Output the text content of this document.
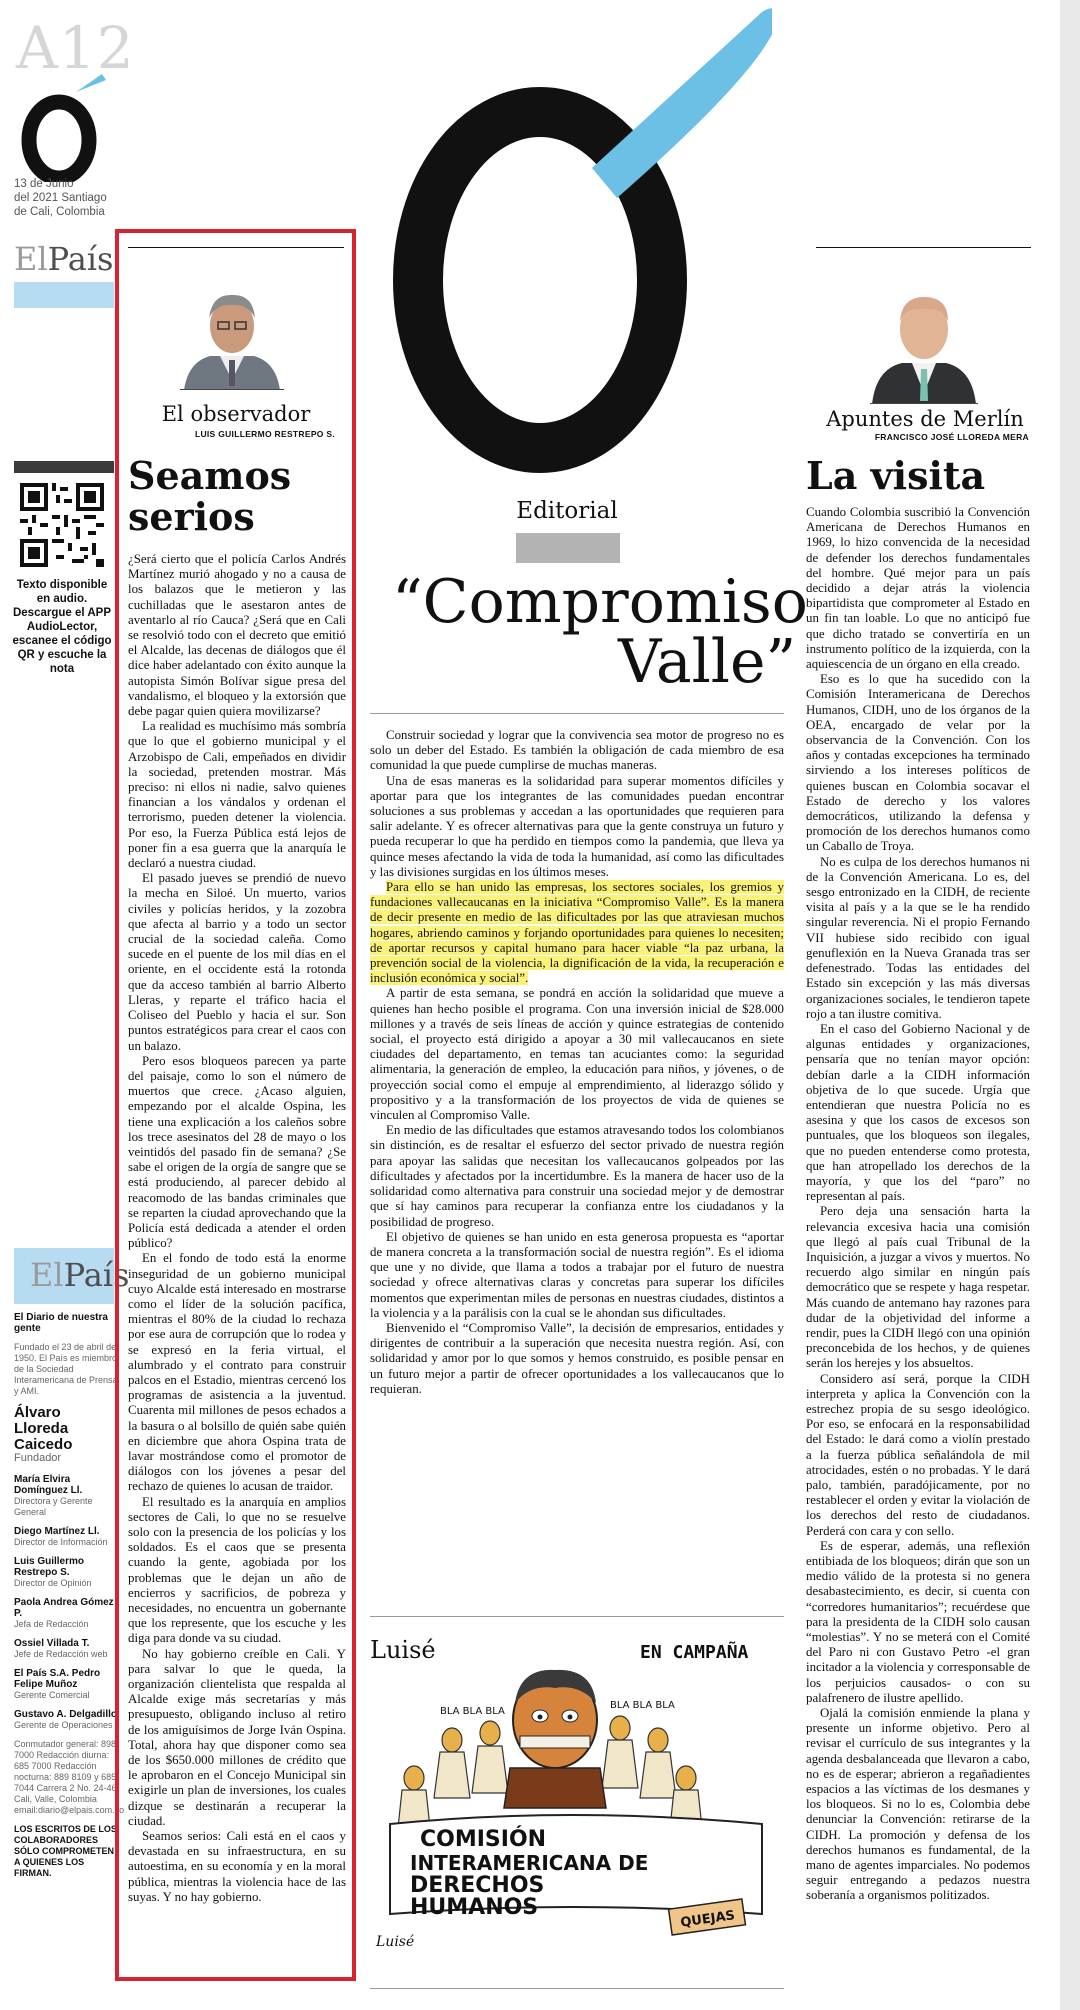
A12
13 de Junio
del 2021 Santiago
de Cali, Colombia
ElPaís
Texto disponible en audio. Descargue el APP AudioLector, escanee el código QR y escuche la nota
ElPaís
El Diario de nuestra gente
Fundado el 23 de abril de 1950. El País es miembro de la Sociedad Interamericana de Prensa y AMI.
Álvaro Lloreda Caicedo
Fundador
María Elvira Domínguez Ll.
Directora y Gerente General
Diego Martínez Ll.
Director de Información
Luis Guillermo Restrepo S.
Director de Opinión
Paola Andrea Gómez P.
Jefa de Redacción
Ossiel Villada T.
Jefe de Redacción web
El País S.A. Pedro Felipe Muñoz
Gerente Comercial
Gustavo A. Delgadillo
Gerente de Operaciones
Conmutador general: 898 7000 Redacción diurna: 685 7000 Redacción nocturna: 889 8109 y 685 7044 Carrera 2 No. 24-46 Cali, Valle, Colombia email:diario@elpais.com.co
LOS ESCRITOS DE LOS COLABORADORES SÓLO COMPROMETEN A QUIENES LOS FIRMAN.
El observador
LUIS GUILLERMO RESTREPO S.
Seamos serios

¿Será cierto que el policía Carlos Andrés Martínez murió ahogado y no a causa de los balazos que le metieron y las cuchilladas que le asestaron antes de aventarlo al río Cauca? ¿Será que en Cali se resolvió todo con el decreto que emitió el Alcalde, las decenas de diálogos que él dice haber adelantado con éxito aunque la autopista Simón Bolívar sigue presa del vandalismo, el bloqueo y la extorsión que debe pagar quien quiera movilizarse?

La realidad es muchísimo más sombría que lo que el gobierno municipal y el Arzobispo de Cali, empeñados en dividir la sociedad, pretenden mostrar. Más preciso: ni ellos ni nadie, salvo quienes financian a los vándalos y ordenan el terrorismo, pueden detener la violencia. Por eso, la Fuerza Pública está lejos de poner fin a esa guerra que la anarquía le declaró a nuestra ciudad.

El pasado jueves se prendió de nuevo la mecha en Siloé. Un muerto, varios civiles y policías heridos, y la zozobra que afecta al barrio y a todo un sector crucial de la sociedad caleña. Como sucede en el puente de los mil días en el oriente, en el occidente está la rotonda que da acceso también al barrio Alberto Lleras, y reparte el tráfico hacia el Coliseo del Pueblo y hacia el sur. Son puntos estratégicos para crear el caos con un balazo.

Pero esos bloqueos parecen ya parte del paisaje, como lo son el número de muertos que crece. ¿Acaso alguien, empezando por el alcalde Ospina, les tiene una explicación a los caleños sobre los trece asesinatos del 28 de mayo o los veintidós del pasado fin de semana? ¿Se sabe el origen de la orgía de sangre que se está produciendo, al parecer debido al reacomodo de las bandas criminales que se reparten la ciudad aprovechando que la Policía está dedicada a atender el orden público?

En el fondo de todo está la enorme inseguridad de un gobierno municipal cuyo Alcalde está interesado en mostrarse como el líder de la solución pacífica, mientras el 80% de la ciudad lo rechaza por ese aura de corrupción que lo rodea y se expresó en la feria virtual, el alumbrado y el contrato para construir palcos en el Estadio, mientras cercenó los programas de asistencia a la juventud. Cuarenta mil millones de pesos echados a la basura o al bolsillo de quién sabe quién en diciembre que ahora Ospina trata de lavar mostrándose como el promotor de diálogos con los jóvenes a pesar del rechazo de quienes lo acusan de traidor.

El resultado es la anarquía en amplios sectores de Cali, lo que no se resuelve solo con la presencia de los policías y los soldados. Es el caos que se presenta cuando la gente, agobiada por los problemas que le dejan un año de encierros y sacrificios, de pobreza y necesidades, no encuentra un gobernante que los represente, que los escuche y les diga para donde va su ciudad.

No hay gobierno creíble en Cali. Y para salvar lo que le queda, la organización clientelista que respalda al Alcalde exige más secretarías y más presupuesto, obligando incluso al retiro de los amiguísimos de Jorge Iván Ospina. Total, ahora hay que disponer como sea de los $650.000 millones de crédito que le aprobaron en el Concejo Municipal sin exigirle un plan de inversiones, los cuales dizque se destinarán a recuperar la ciudad.

Seamos serios: Cali está en el caos y devastada en su infraestructura, en su autoestima, en su economía y en la moral pública, mientras la violencia hace de las suyas. Y no hay gobierno.

Editorial
“Compromiso
Valle”

Construir sociedad y lograr que la convivencia sea motor de progreso no es solo un deber del Estado. Es también la obligación de cada miembro de esa comunidad la que puede cumplirse de muchas maneras.

Una de esas maneras es la solidaridad para superar momentos difíciles y aportar para que los integrantes de las comunidades puedan encontrar soluciones a sus problemas y accedan a las oportunidades que requieren para salir adelante. Y es ofrecer alternativas para que la gente construya un futuro y pueda recuperar lo que ha perdido en tiempos como la pandemia, que lleva ya quince meses afectando la vida de toda la humanidad, así como las dificultades y las divisiones surgidas en los últimos meses.

Para ello se han unido las empresas, los sectores sociales, los gremios y fundaciones vallecaucanas en la iniciativa “Compromiso Valle”. Es la manera de decir presente en medio de las dificultades por las que atraviesan muchos hogares, abriendo caminos y forjando oportunidades para quienes lo necesiten; de aportar recursos y capital humano para hacer viable “la paz urbana, la prevención social de la violencia, la dignificación de la vida, la recuperación e inclusión económica y social”.

A partir de esta semana, se pondrá en acción la solidaridad que mueve a quienes han hecho posible el programa. Con una inversión inicial de $28.000 millones y a través de seis líneas de acción y quince estrategias de contenido social, el proyecto está dirigido a apoyar a 30 mil vallecaucanos en siete ciudades del departamento, en temas tan acuciantes como: la seguridad alimentaria, la generación de empleo, la educación para niños, y jóvenes, o de proyección social como el empuje al emprendimiento, al liderazgo sólido y propositivo y a la transformación de los proyectos de vida de quienes se vinculen al Compromiso Valle.

En medio de las dificultades que estamos atravesando todos los colombianos sin distinción, es de resaltar el esfuerzo del sector privado de nuestra región para apoyar las salidas que necesitan los vallecaucanos golpeados por las dificultades y afectados por la incertidumbre. Es la manera de hacer uso de la solidaridad como alternativa para construir una sociedad mejor y de demostrar que sí hay caminos para recuperar la confianza entre los ciudadanos y la posibilidad de progreso.

El objetivo de quienes se han unido en esta generosa propuesta es “aportar de manera concreta a la transformación social de nuestra región”. Es el idioma que une y no divide, que llama a todos a trabajar por el futuro de nuestra sociedad y ofrece alternativas claras y concretas para superar los difíciles momentos que experimentan miles de personas en nuestras ciudades, distintos a la violencia y a la parálisis con la cual se le ahondan sus dificultades.

Bienvenido el “Compromiso Valle”, la decisión de empresarios, entidades y dirigentes de contribuir a la superación que necesita nuestra región. Así, con solidaridad y amor por lo que somos y hemos construido, es posible pensar en un futuro mejor a partir de ofrecer oportunidades a los vallecaucanos que lo requieran.

Luisé	EN CAMPAÑA
BLA BLA BLA
BLA BLA BLA
COMISIÓN
INTERAMERICANA DE
DERECHOS
HUMANOS	QUEJAS
Luisé
Apuntes de Merlín
FRANCISCO JOSÉ LLOREDA MERA
La visita

Cuando Colombia suscribió la Convención Americana de Derechos Humanos en 1969, lo hizo convencida de la necesidad de defender los derechos fundamentales del hombre. Qué mejor para un país decidido a dejar atrás la violencia bipartidista que comprometer al Estado en un fin tan loable. Lo que no anticipó fue que dicho tratado se convertiría en un instrumento político de la izquierda, con la aquiescencia de un órgano en ella creado.

Eso es lo que ha sucedido con la Comisión Interamericana de Derechos Humanos, CIDH, uno de los órganos de la OEA, encargado de velar por la observancia de la Convención. Con los años y contadas excepciones ha terminado sirviendo a los intereses políticos de quienes buscan en Colombia socavar el Estado de derecho y los valores democráticos, utilizando la defensa y promoción de los derechos humanos como un Caballo de Troya.

No es culpa de los derechos humanos ni de la Convención Americana. Lo es, del sesgo entronizado en la CIDH, de reciente visita al país y a la que se le ha rendido singular reverencia. Ni el propio Fernando VII hubiese sido recibido con igual genuflexión en la Nueva Granada tras ser defenestrado. Todas las entidades del Estado sin excepción y las más diversas organizaciones sociales, le tendieron tapete rojo a tan ilustre comitiva.

En el caso del Gobierno Nacional y de algunas entidades y organizaciones, pensaría que no tenían mayor opción: debían darle a la CIDH información objetiva de lo que sucede. Urgía que entendieran que nuestra Policía no es asesina y que los casos de excesos son puntuales, que los bloqueos son ilegales, que no pueden entenderse como protesta, que han atropellado los derechos de la mayoría, y que los del “paro” no representan al país.

Pero deja una sensación harta la relevancia excesiva hacia una comisión que llegó al país cual Tribunal de la Inquisición, a juzgar a vivos y muertos. No recuerdo algo similar en ningún país democrático que se respete y haga respetar. Más cuando de antemano hay razones para dudar de la objetividad del informe a rendir, pues la CIDH llegó con una opinión preconcebida de los hechos, y de quienes serán los herejes y los absueltos.

Considero así será, porque la CIDH interpreta y aplica la Convención con la estrechez propia de su sesgo ideológico. Por eso, se enfocará en la responsabilidad del Estado: le dará como a violín prestado a la fuerza pública señalándola de mil atrocidades, estén o no probadas. Y le dará palo, también, paradójicamente, por no restablecer el orden y evitar la violación de los derechos del resto de ciudadanos. Perderá con cara y con sello.

Es de esperar, además, una reflexión entibiada de los bloqueos; dirán que son un medio válido de la protesta si no genera desabastecimiento, es decir, si cuenta con “corredores humanitarios”; recuérdese que para la presidenta de la CIDH solo causan “molestias”. Y no se meterá con el Comité del Paro ni con Gustavo Petro -el gran incitador a la violencia y corresponsable de los perjuicios causados- o con su palafrenero de ilustre apellido.

Ojalá la comisión enmiende la plana y presente un informe objetivo. Pero al revisar el currículo de sus integrantes y la agenda desbalanceada que llevaron a cabo, no es de esperar; abrieron a regañadientes espacios a las víctimas de los desmanes y los bloqueos. Si no lo es, Colombia debe denunciar la Convención: retirarse de la CIDH. La promoción y defensa de los derechos humanos es fundamental, de la mano de agentes imparciales. No podemos seguir entregando a pedazos nuestra soberanía a organismos politizados.
